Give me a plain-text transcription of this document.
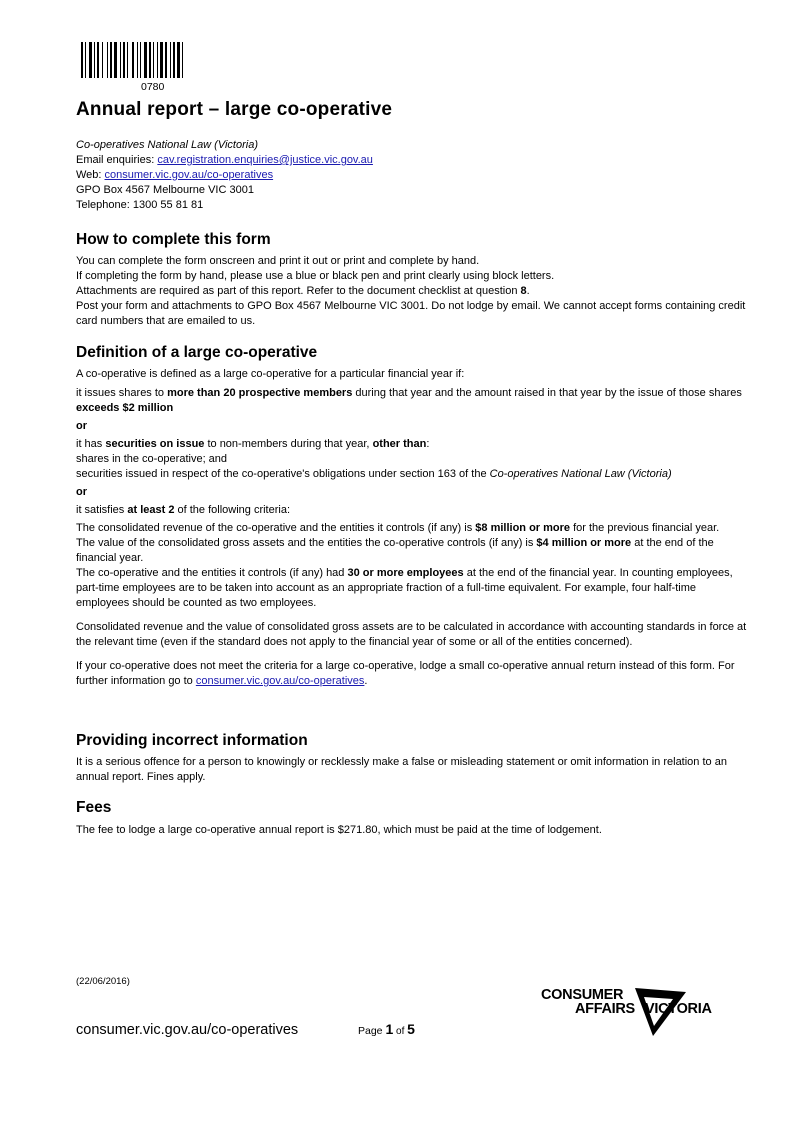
0780
Annual report – large co-operative

Co-operatives National Law (Victoria)

Email enquiries: cav.registration.enquiries@justice.vic.gov.au

Web: consumer.vic.gov.au/co-operatives

GPO Box 4567 Melbourne VIC 3001

Telephone: 1300 55 81 81

How to complete this form

You can complete the form onscreen and print it out or print and complete by hand.

If completing the form by hand, please use a blue or black pen and print clearly using block letters.

Attachments are required as part of this report. Refer to the document checklist at question 8.

Post your form and attachments to GPO Box 4567 Melbourne VIC 3001. Do not lodge by email. We cannot accept forms containing credit card numbers that are emailed to us.

Definition of a large co-operative

A co-operative is defined as a large co-operative for a particular financial year if:

it issues shares to more than 20 prospective members during that year and the amount raised in that year by the issue of those shares exceeds $2 million

or

it has securities on issue to non-members during that year, other than:

shares in the co-operative; and

securities issued in respect of the co-operative's obligations under section 163 of the Co-operatives National Law (Victoria)

or

it satisfies at least 2 of the following criteria:

The consolidated revenue of the co-operative and the entities it controls (if any) is $8 million or more for the previous financial year.

The value of the consolidated gross assets and the entities the co-operative controls (if any) is $4 million or more at the end of the financial year.

The co-operative and the entities it controls (if any) had 30 or more employees at the end of the financial year. In counting employees, part-time employees are to be taken into account as an appropriate fraction of a full-time equivalent. For example, four half-time employees should be counted as two employees.

Consolidated revenue and the value of consolidated gross assets are to be calculated in accordance with accounting standards in force at the relevant time (even if the standard does not apply to the financial year of some or all of the entities concerned).

If your co-operative does not meet the criteria for a large co-operative, lodge a small co-operative annual return instead of this form. For further information go to consumer.vic.gov.au/co-operatives.

Providing incorrect information

It is a serious offence for a person to knowingly or recklessly make a false or misleading statement or omit information in relation to an annual report. Fines apply.

Fees

The fee to lodge a large co-operative annual report is $271.80, which must be paid at the time of lodgement.

(22/06/2016)
consumer.vic.gov.au/co-operatives	Page 1 of 5
CONSUMER
AFFAIRS VICTORIA
